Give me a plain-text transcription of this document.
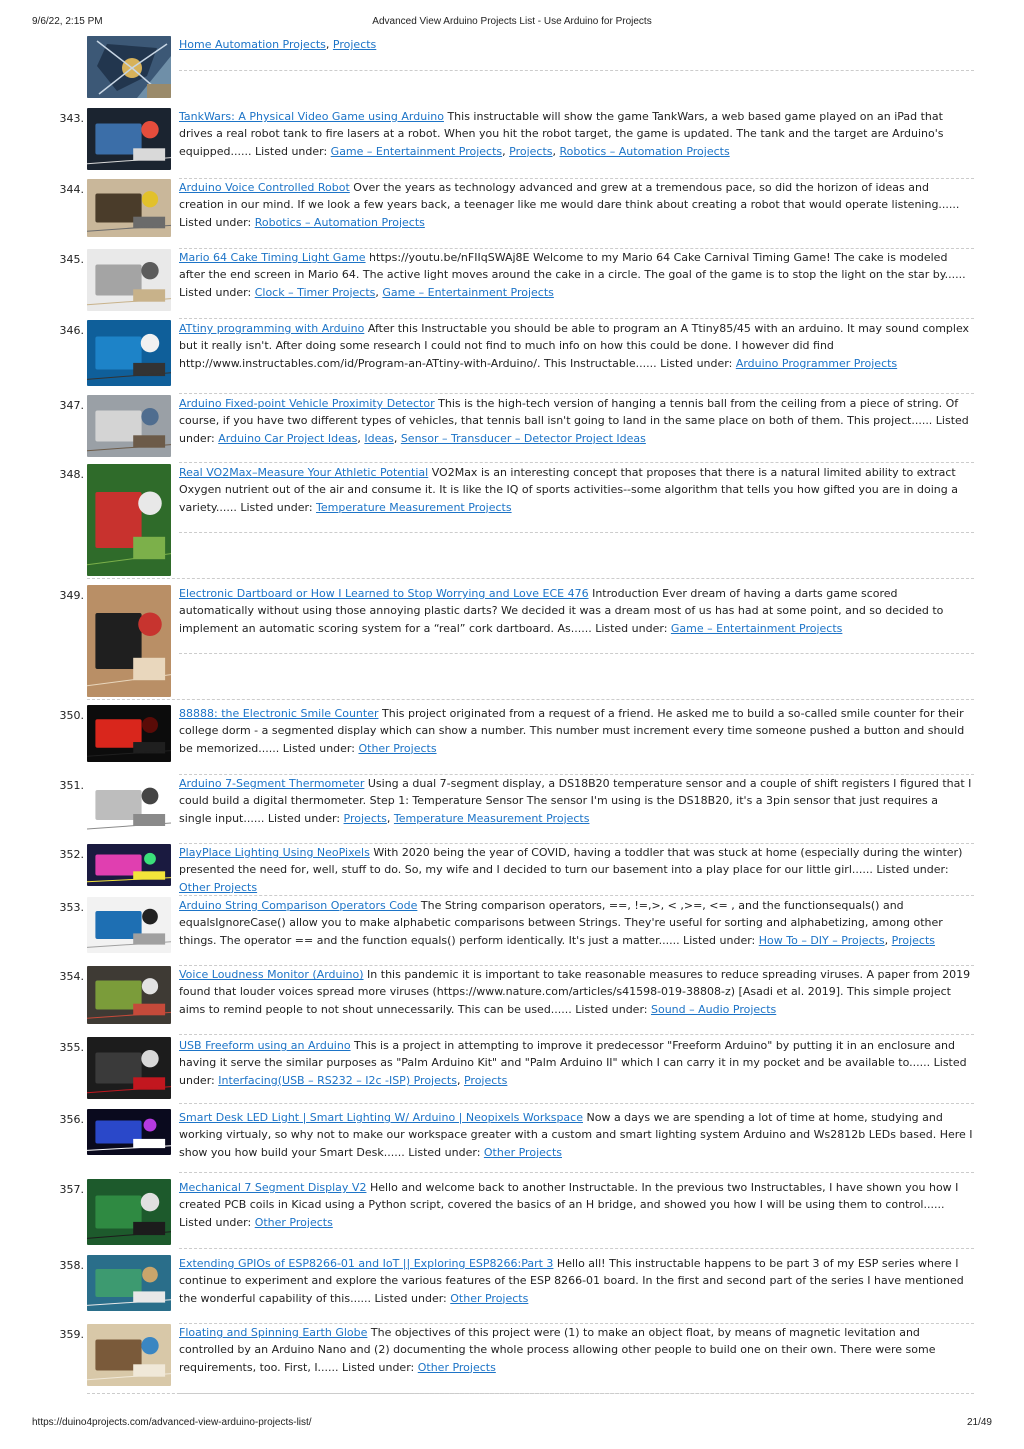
9/6/22, 2:15 PM	Advanced View Arduino Projects List - Use Arduino for Projects
Home Automation Projects, Projects
343.	TankWars: A Physical Video Game using Arduino This instructable will show the game TankWars, a web based game played on an iPad that drives a real robot tank to fire lasers at a robot. When you hit the robot target, the game is updated. The tank and the target are Arduino's equipped...... Listed under: Game – Entertainment Projects, Projects, Robotics – Automation Projects
344.	Arduino Voice Controlled Robot Over the years as technology advanced and grew at a tremendous pace, so did the horizon of ideas and creation in our mind. If we look a few years back, a teenager like me would dare think about creating a robot that would operate listening...... Listed under: Robotics – Automation Projects
345.	Mario 64 Cake Timing Light Game https://youtu.be/nFIIqSWAj8E Welcome to my Mario 64 Cake Carnival Timing Game! The cake is modeled after the end screen in Mario 64. The active light moves around the cake in a circle. The goal of the game is to stop the light on the star by...... Listed under: Clock – Timer Projects, Game – Entertainment Projects
346.	ATtiny programming with Arduino After this Instructable you should be able to program an A Ttiny85/45 with an arduino. It may sound complex but it really isn't. After doing some research I could not find to much info on how this could be done. I however did find http://www.instructables.com/id/Program-an-ATtiny-with-Arduino/. This Instructable...... Listed under: Arduino Programmer Projects
347.	Arduino Fixed-point Vehicle Proximity Detector This is the high-tech version of hanging a tennis ball from the ceiling from a piece of string. Of course, if you have two different types of vehicles, that tennis ball isn't going to land in the same place on both of them. This project...... Listed under: Arduino Car Project Ideas, Ideas, Sensor – Transducer – Detector Project Ideas
348.	Real VO2Max–Measure Your Athletic Potential VO2Max is an interesting concept that proposes that there is a natural limited ability to extract Oxygen nutrient out of the air and consume it. It is like the IQ of sports activities--some algorithm that tells you how gifted you are in doing a variety...... Listed under: Temperature Measurement Projects
349.	Electronic Dartboard or How I Learned to Stop Worrying and Love ECE 476 Introduction Ever dream of having a darts game scored automatically without using those annoying plastic darts? We decided it was a dream most of us has had at some point, and so decided to implement an automatic scoring system for a “real” cork dartboard. As...... Listed under: Game – Entertainment Projects
350.	88888: the Electronic Smile Counter This project originated from a request of a friend. He asked me to build a so-called smile counter for their college dorm - a segmented display which can show a number. This number must increment every time someone pushed a button and should be memorized...... Listed under: Other Projects
351.	Arduino 7-Segment Thermometer Using a dual 7-segment display, a DS18B20 temperature sensor and a couple of shift registers I figured that I could build a digital thermometer. Step 1: Temperature Sensor The sensor I'm using is the DS18B20, it's a 3pin sensor that just requires a single input...... Listed under: Projects, Temperature Measurement Projects
352.	PlayPlace Lighting Using NeoPixels With 2020 being the year of COVID, having a toddler that was stuck at home (especially during the winter) presented the need for, well, stuff to do. So, my wife and I decided to turn our basement into a play place for our little girl...... Listed under: Other Projects
353.	Arduino String Comparison Operators Code The String comparison operators, ==, !=,>, < ,>=, <= , and the functionsequals() and equalsIgnoreCase() allow you to make alphabetic comparisons between Strings. They're useful for sorting and alphabetizing, among other things. The operator == and the function equals() perform identically. It's just a matter...... Listed under: How To – DIY – Projects, Projects
354.	Voice Loudness Monitor (Arduino) In this pandemic it is important to take reasonable measures to reduce spreading viruses. A paper from 2019 found that louder voices spread more viruses (https://www.nature.com/articles/s41598-019-38808-z) [Asadi et al. 2019]. This simple project aims to remind people to not shout unnecessarily. This can be used...... Listed under: Sound – Audio Projects
355.	USB Freeform using an Arduino This is a project in attempting to improve it predecessor "Freeform Arduino" by putting it in an enclosure and having it serve the similar purposes as "Palm Arduino Kit" and "Palm Arduino II" which I can carry it in my pocket and be available to...... Listed under: Interfacing(USB – RS232 – I2c -ISP) Projects, Projects
356.	Smart Desk LED Light | Smart Lighting W/ Arduino | Neopixels Workspace Now a days we are spending a lot of time at home, studying and working virtualy, so why not to make our workspace greater with a custom and smart lighting system Arduino and Ws2812b LEDs based. Here I show you how build your Smart Desk...... Listed under: Other Projects
357.	Mechanical 7 Segment Display V2 Hello and welcome back to another Instructable. In the previous two Instructables, I have shown you how I created PCB coils in Kicad using a Python script, covered the basics of an H bridge, and showed you how I will be using them to control...... Listed under: Other Projects
358.	Extending GPIOs of ESP8266-01 and IoT || Exploring ESP8266:Part 3 Hello all! This instructable happens to be part 3 of my ESP series where I continue to experiment and explore the various features of the ESP 8266-01 board. In the first and second part of the series I have mentioned the wonderful capability of this...... Listed under: Other Projects
359.	Floating and Spinning Earth Globe The objectives of this project were (1) to make an object float, by means of magnetic levitation and controlled by an Arduino Nano and (2) documenting the whole process allowing other people to build one on their own. There were some requirements, too. First, I...... Listed under: Other Projects
https://duino4projects.com/advanced-view-arduino-projects-list/	21/49
